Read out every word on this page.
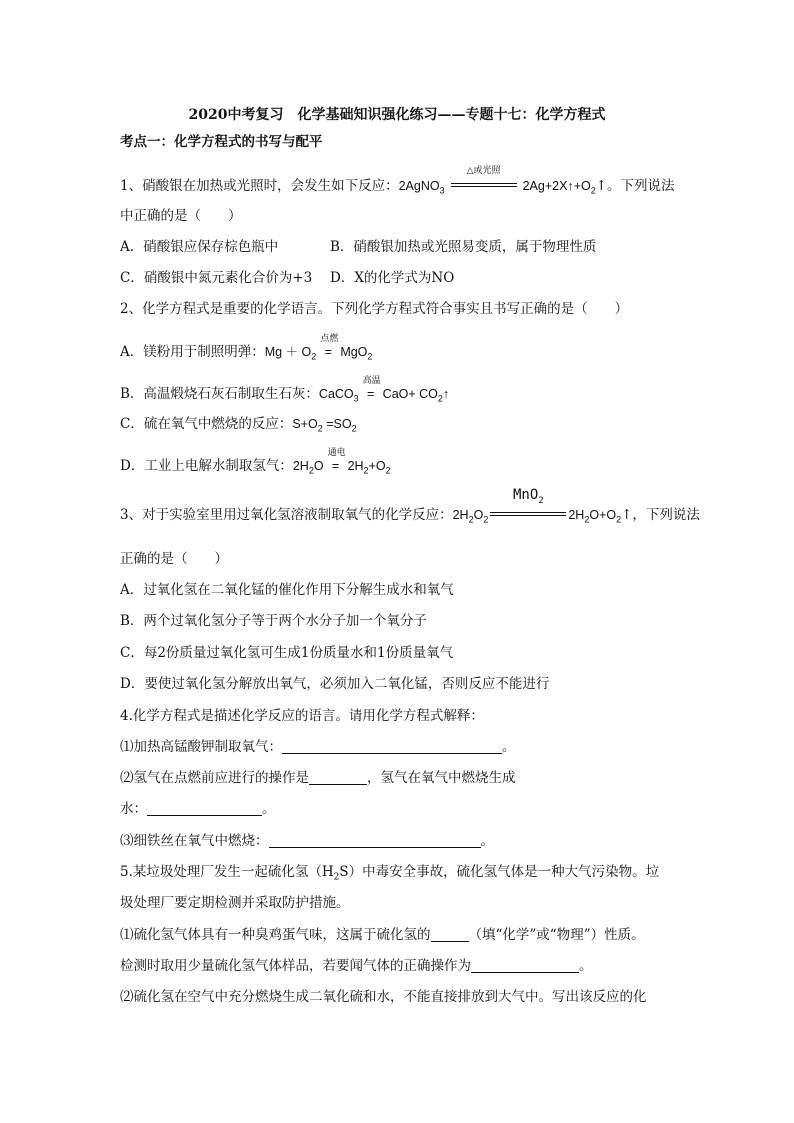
2020中考复习　化学基础知识强化练习——专题十七：化学方程式
考点一：化学方程式的书写与配平
1、硝酸银在加热或光照时，会发生如下反应：2AgNO$_3$
△或光照
$2Ag+2X↑+O_2↑$。下列说法
中正确的是（　　）
A．硝酸银应保存棕色瓶中	B．硝酸银加热或光照易变质，属于物理性质
C．硝酸银中氮元素化合价为+3 D．X的化学式为NO
2、化学方程式是重要的化学语言。下列化学方程式符合事实且书写正确的是（　　）
A．镁粉用于制照明弹：$Mg + O_2$
点燃
= MgO$_2$
B．高温煅烧石灰石制取生石灰：CaCO$_3$
高温
= $CaO+ CO_2↑$
C．硫在氧气中燃烧的反应：$S+O_2 =SO_2$
D．工业上电解水制取氢气：$2H_2O$
通电
= $2H_2+O_2$
3、对于实验室里用过氧化氢溶液制取氧气的化学反应：$2H_2O_2$
MnO$_2$
$2H_2O+O_2↑$，下列说法
正确的是（　　）
A．过氧化氢在二氧化锰的催化作用下分解生成水和氧气
B．两个过氧化氢分子等于两个水分子加一个氧分子
C．每2份质量过氧化氢可生成1份质量水和1份质量氧气
D．要使过氧化氢分解放出氧气，必须加入二氧化锰，否则反应不能进行
4.化学方程式是描述化学反应的语言。请用化学方程式解释：
⑴加热高锰酸钾制取氧气：	。
⑵氢气在点燃前应进行的操作是	，氢气在氧气中燃烧生成
水：	。
⑶细铁丝在氧气中燃烧：	。
5.某垃圾处理厂发生一起硫化氢$(H_2S)$中毒安全事故，硫化氢气体是一种大气污染物。垃
圾处理厂要定期检测并采取防护措施。
⑴硫化氢气体具有一种臭鸡蛋气味，这属于硫化氢的	（填“化学”或“物理”）性质。
检测时取用少量硫化氢气体样品，若要闻气体的正确操作为	。
⑵硫化氢在空气中充分燃烧生成二氧化硫和水，不能直接排放到大气中。写出该反应的化
